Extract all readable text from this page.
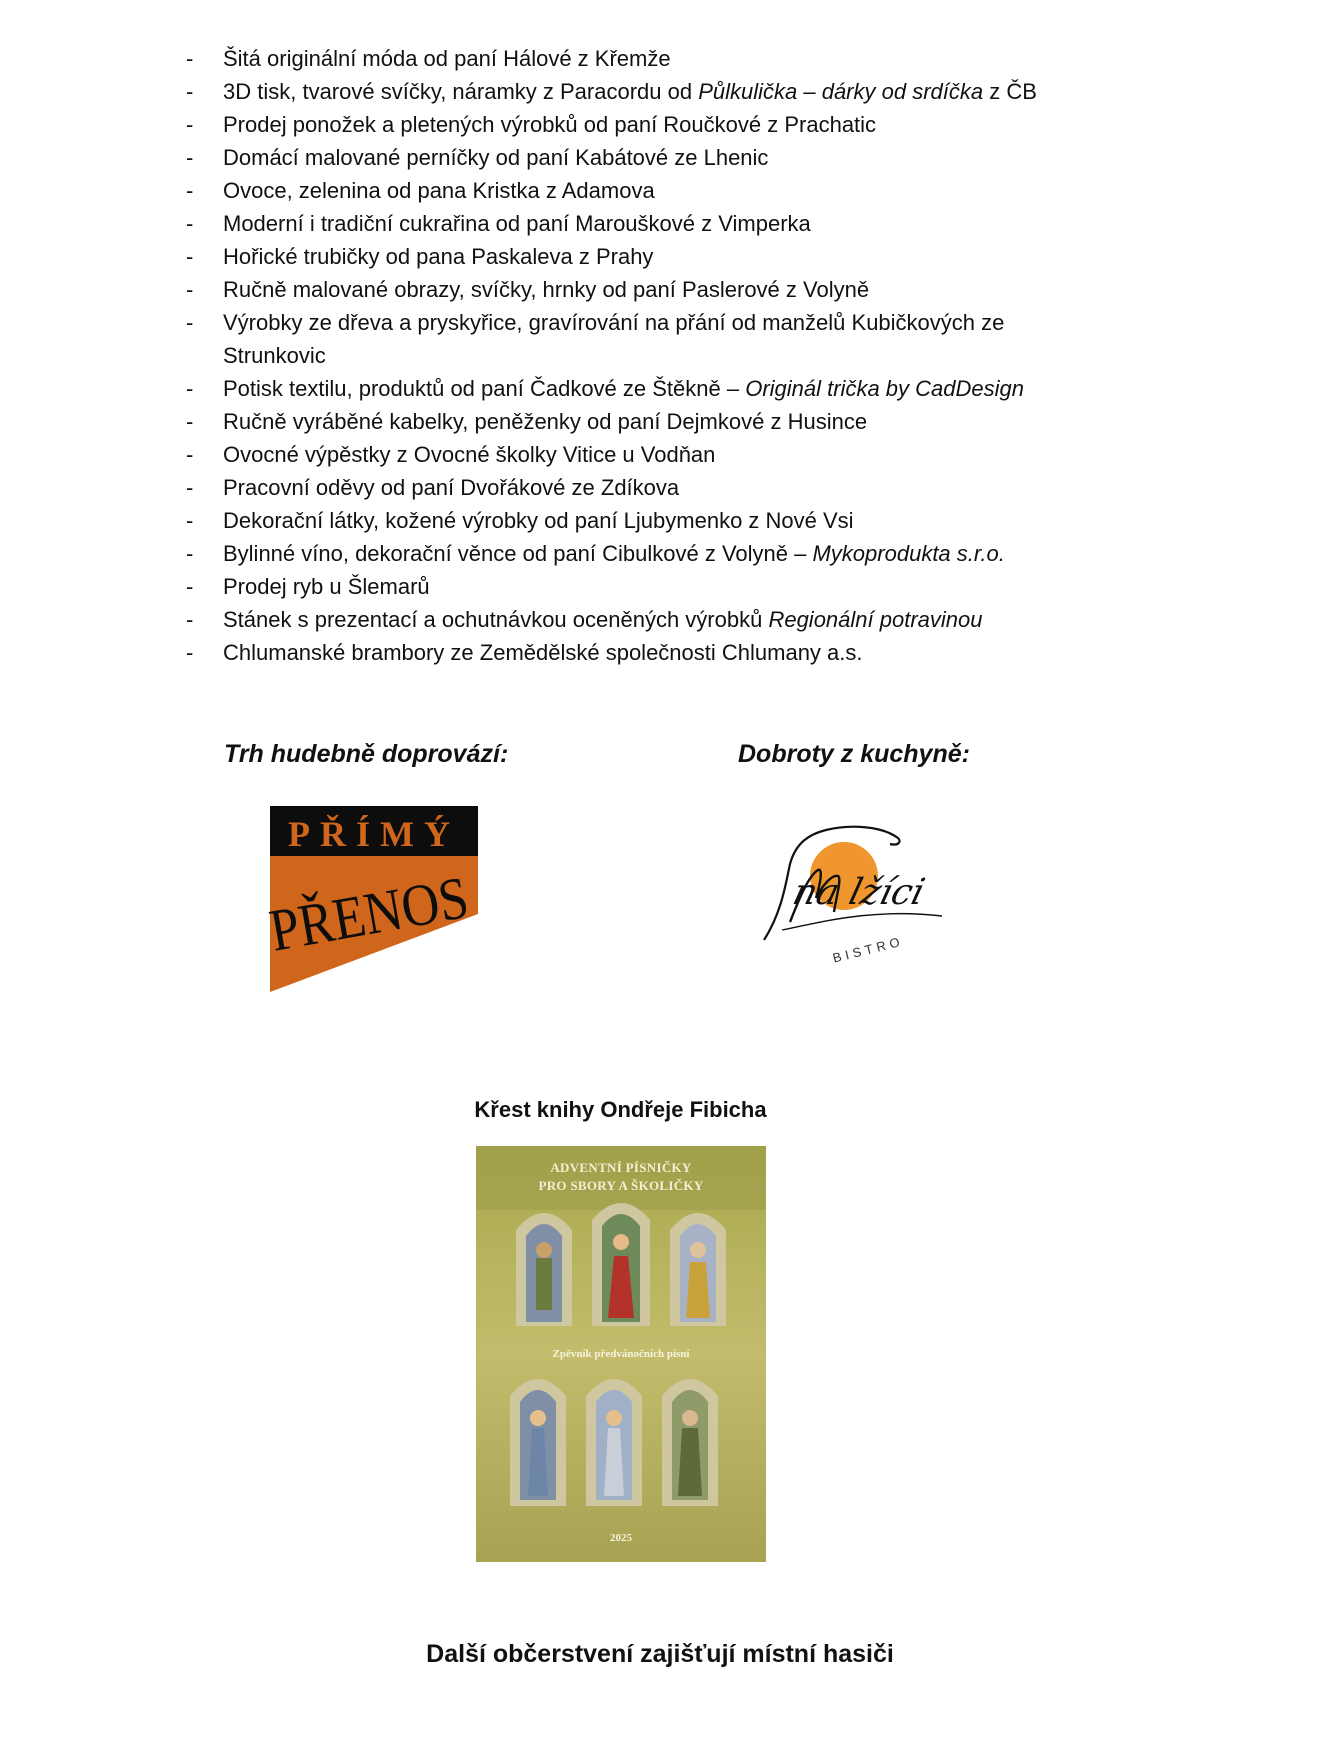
- Šitá originální móda od paní Hálové z Křemže
- 3D tisk, tvarové svíčky, náramky z Paracordu od Půlkulička – dárky od srdíčka z ČB
- Prodej ponožek a pletených výrobků od paní Roučkové z Prachatic
- Domácí malované perníčky od paní Kabátové ze Lhenic
- Ovoce, zelenina od pana Kristka z Adamova
- Moderní i tradiční cukrařina od paní Marouškové z Vimperka
- Hořické trubičky od pana Paskaleva z Prahy
- Ručně malované obrazy, svíčky, hrnky od paní Paslerové z Volyně
- Výrobky ze dřeva a pryskyřice, gravírování na přání od manželů Kubičkových ze Strunkovic
- Potisk textilu, produktů od paní Čadkové ze Štěkně – Originál trička by CadDesign
- Ručně vyráběné kabelky, peněženky od paní Dejmkové z Husince
- Ovocné výpěstky z Ovocné školky Vitice u Vodňan
- Pracovní oděvy od paní Dvořákové ze Zdíkova
- Dekorační látky, kožené výrobky od paní Ljubymenko z Nové Vsi
- Bylinné víno, dekorační věnce od paní Cibulkové z Volyně – Mykoprodukta s.r.o.
- Prodej ryb u Šlemarů
- Stánek s prezentací a ochutnávkou oceněných výrobků Regionální potravinou
- Chlumanské brambory ze Zemědělské společnosti Chlumany a.s.
Trh hudebně doprovází:	Dobroty z kuchyně:
PŘÍMÝ
PŘENOS	na lžíci
BISTRO
Křest knihy Ondřeje Fibicha
ADVENTNÍ PÍSNIČKY
PRO SBORY A ŠKOLIČKY
Zpěvník předvánočních písní
2025
Další občerstvení zajišťují místní hasiči
